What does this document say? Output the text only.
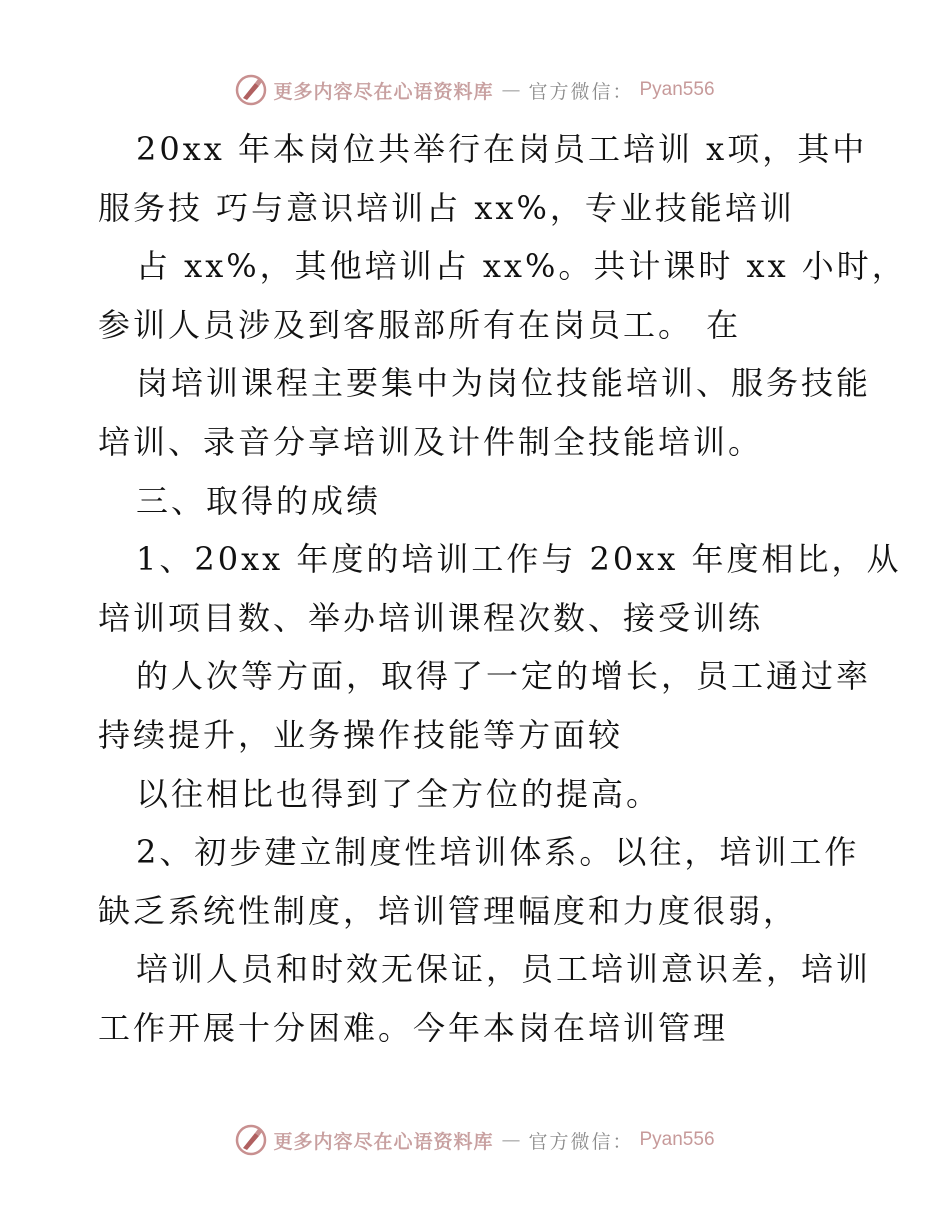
更多内容尽在心语资料库 — 官方微信： Pyan556
20xx 年本岗位共举行在岗员工培训 x项，其中
服务技 巧与意识培训占 xx%，专业技能培训
占 xx%，其他培训占 xx%。共计课时 xx 小时，
参训人员涉及到客服部所有在岗员工。 在
岗培训课程主要集中为岗位技能培训、服务技能
培训、录音分享培训及计件制全技能培训。
三、取得的成绩
1、20xx 年度的培训工作与 20xx 年度相比，从
培训项目数、举办培训课程次数、接受训练
的人次等方面，取得了一定的增长，员工通过率
持续提升，业务操作技能等方面较
以往相比也得到了全方位的提高。
2、初步建立制度性培训体系。以往，培训工作
缺乏系统性制度，培训管理幅度和力度很弱，
培训人员和时效无保证，员工培训意识差，培训
工作开展十分困难。今年本岗在培训管理
更多内容尽在心语资料库 — 官方微信： Pyan556
